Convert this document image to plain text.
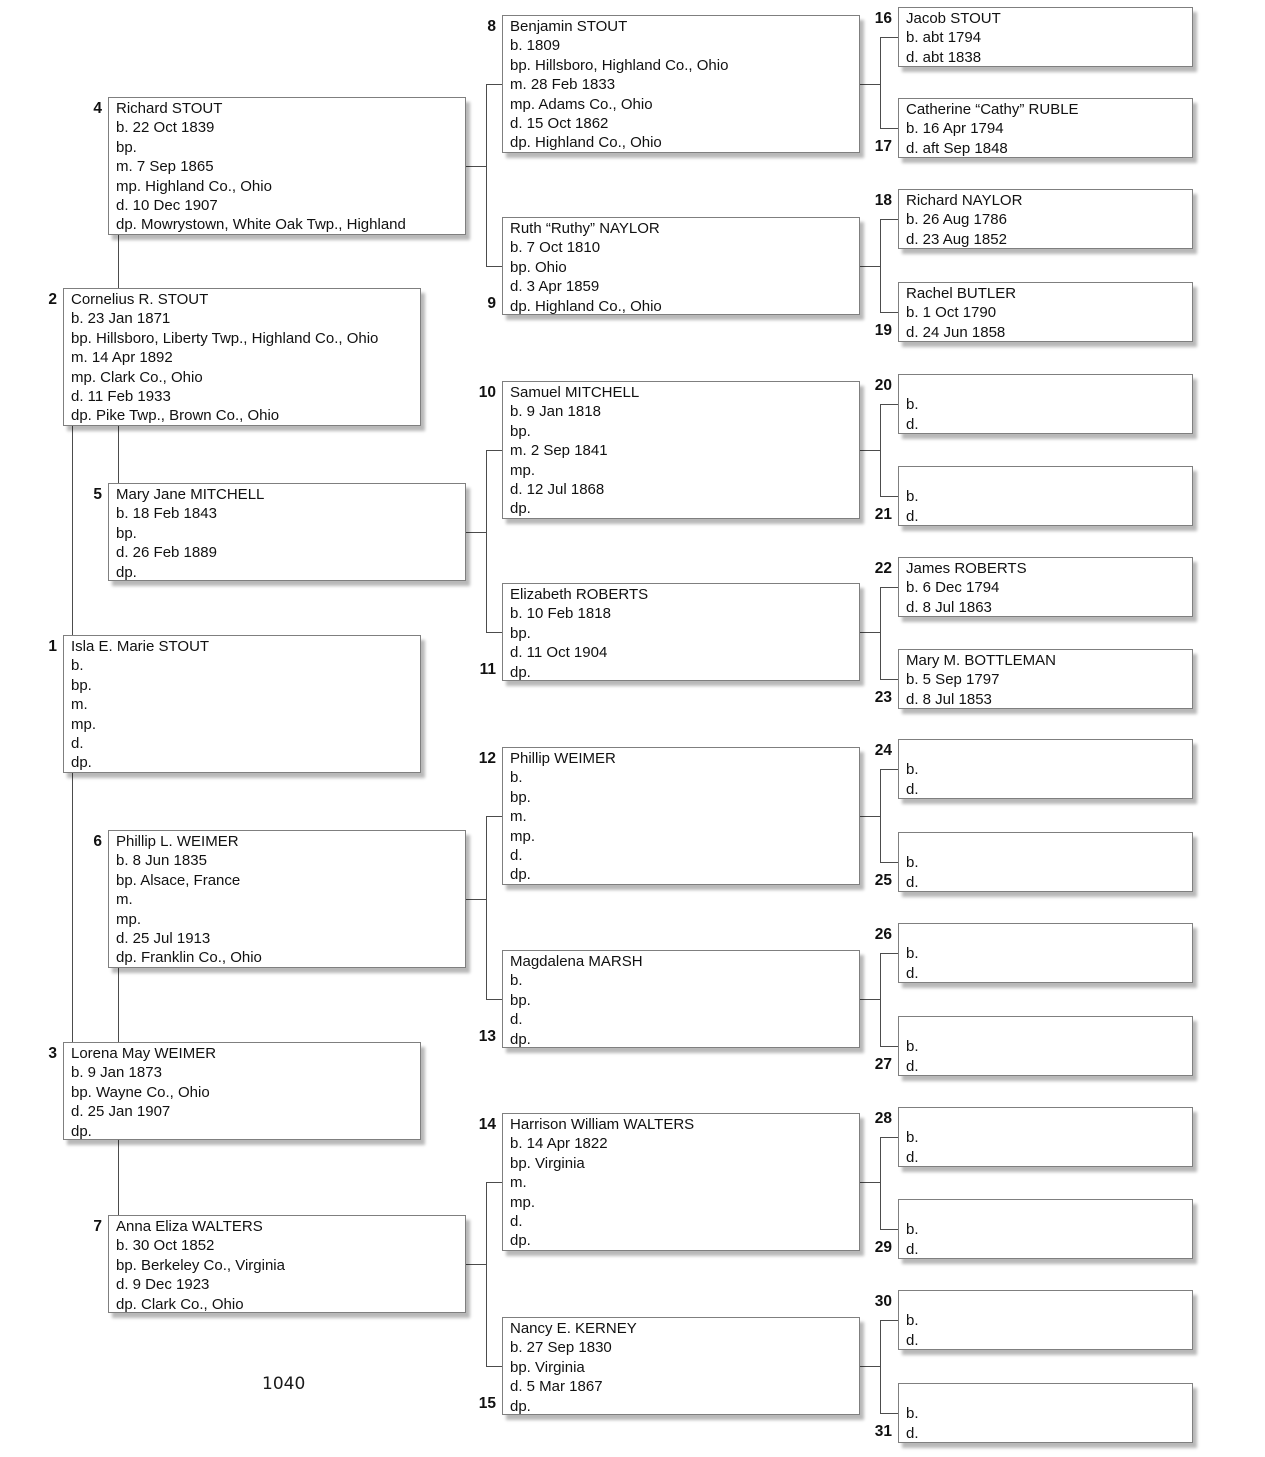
1 Isla E. Marie STOUT
b.
bp.
m.
mp.
d.
dp.
2 Cornelius R. STOUT
b. 23 Jan 1871
bp. Hillsboro, Liberty Twp., Highland Co., Ohio
m. 14 Apr 1892
mp. Clark Co., Ohio
d. 11 Feb 1933
dp. Pike Twp., Brown Co., Ohio
3 Lorena May WEIMER
b. 9 Jan 1873
bp. Wayne Co., Ohio
d. 25 Jan 1907
dp.
4 Richard STOUT
b. 22 Oct 1839
bp.
m. 7 Sep 1865
mp. Highland Co., Ohio
d. 10 Dec 1907
dp. Mowrystown, White Oak Twp., Highland
5 Mary Jane MITCHELL
b. 18 Feb 1843
bp.
d. 26 Feb 1889
dp.
6 Phillip L. WEIMER
b. 8 Jun 1835
bp. Alsace, France
m.
mp.
d. 25 Jul 1913
dp. Franklin Co., Ohio
7 Anna Eliza WALTERS
b. 30 Oct 1852
bp. Berkeley Co., Virginia
d. 9 Dec 1923
dp. Clark Co., Ohio
8 Benjamin STOUT
b. 1809
bp. Hillsboro, Highland Co., Ohio
m. 28 Feb 1833
mp. Adams Co., Ohio
d. 15 Oct 1862
dp. Highland Co., Ohio
9
Ruth “Ruthy” NAYLOR
b. 7 Oct 1810
bp. Ohio
d. 3 Apr 1859
dp. Highland Co., Ohio
10 Samuel MITCHELL
b. 9 Jan 1818
bp.
m. 2 Sep 1841
mp.
d. 12 Jul 1868
dp.
11
Elizabeth ROBERTS
b. 10 Feb 1818
bp.
d. 11 Oct 1904
dp.
12 Phillip WEIMER
b.
bp.
m.
mp.
d.
dp.
13
Magdalena MARSH
b.
bp.
d.
dp.
14 Harrison William WALTERS
b. 14 Apr 1822
bp. Virginia
m.
mp.
d.
dp.
15
Nancy E. KERNEY
b. 27 Sep 1830
bp. Virginia
d. 5 Mar 1867
dp.
16 Jacob STOUT
b. abt 1794
d. abt 1838
17
Catherine “Cathy” RUBLE
b. 16 Apr 1794
d. aft Sep 1848
18 Richard NAYLOR
b. 26 Aug 1786
d. 23 Aug 1852
19
Rachel BUTLER
b. 1 Oct 1790
d. 24 Jun 1858
20
b.
d.
21
b.
d.
22 James ROBERTS
b. 6 Dec 1794
d. 8 Jul 1863
23
Mary M. BOTTLEMAN
b. 5 Sep 1797
d. 8 Jul 1853
24
b.
d.
25
b.
d.
26
b.
d.
27
b.
d.
28
b.
d.
29
b.
d.
30
b.
d.
31
b.
d.
1040
